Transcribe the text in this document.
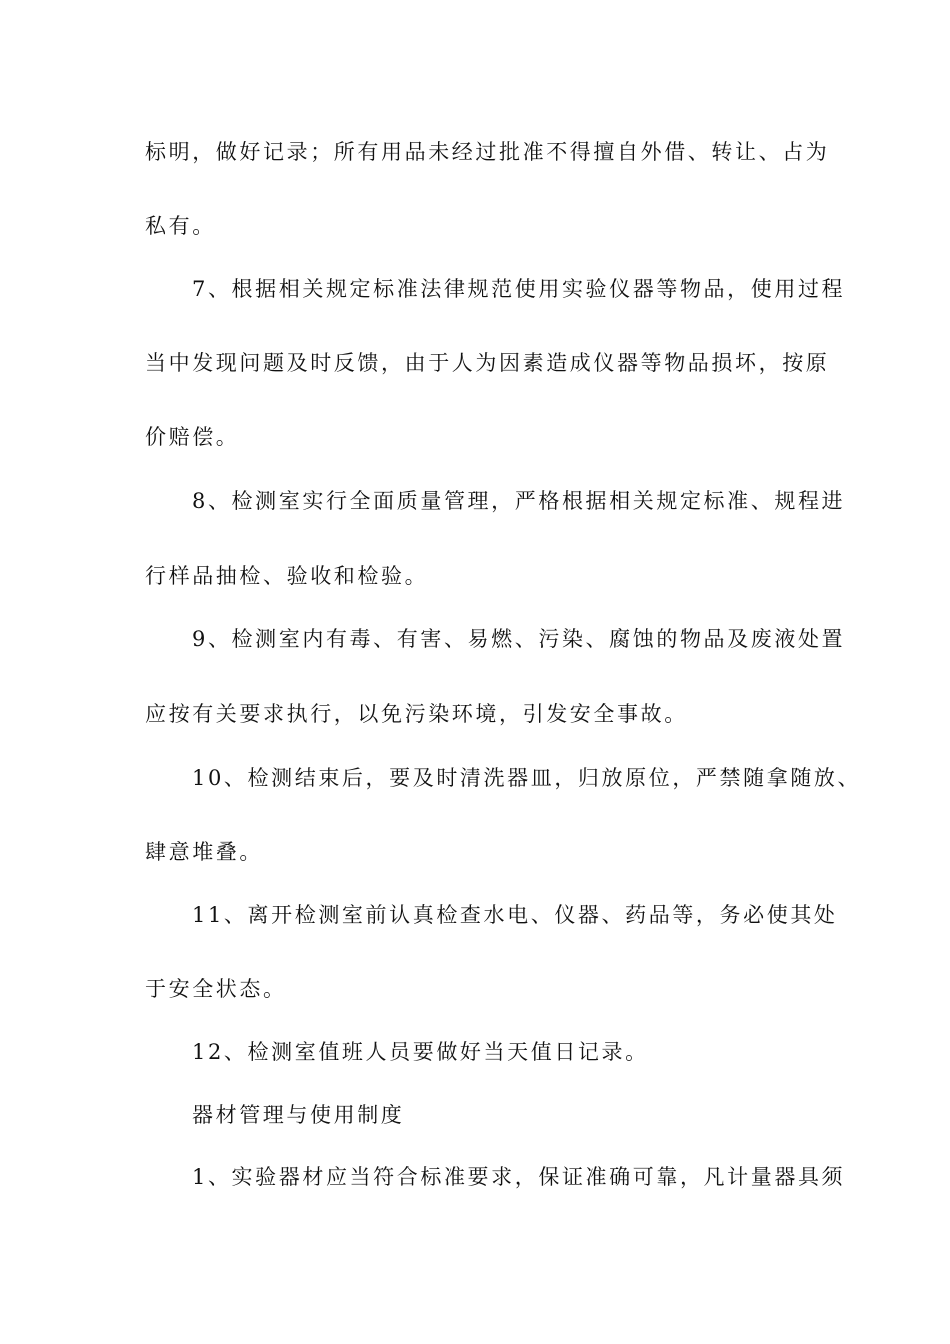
标明，做好记录；所有用品未经过批准不得擅自外借、转让、占为
私有。
7、根据相关规定标准法律规范使用实验仪器等物品，使用过程
当中发现问题及时反馈，由于人为因素造成仪器等物品损坏，按原
价赔偿。
8、检测室实行全面质量管理，严格根据相关规定标准、规程进
行样品抽检、验收和检验。
9、检测室内有毒、有害、易燃、污染、腐蚀的物品及废液处置
应按有关要求执行，以免污染环境，引发安全事故。
10、检测结束后，要及时清洗器皿，归放原位，严禁随拿随放、
肆意堆叠。
11、离开检测室前认真检查水电、仪器、药品等，务必使其处
于安全状态。
12、检测室值班人员要做好当天值日记录。
器材管理与使用制度
1、实验器材应当符合标准要求，保证准确可靠，凡计量器具须
